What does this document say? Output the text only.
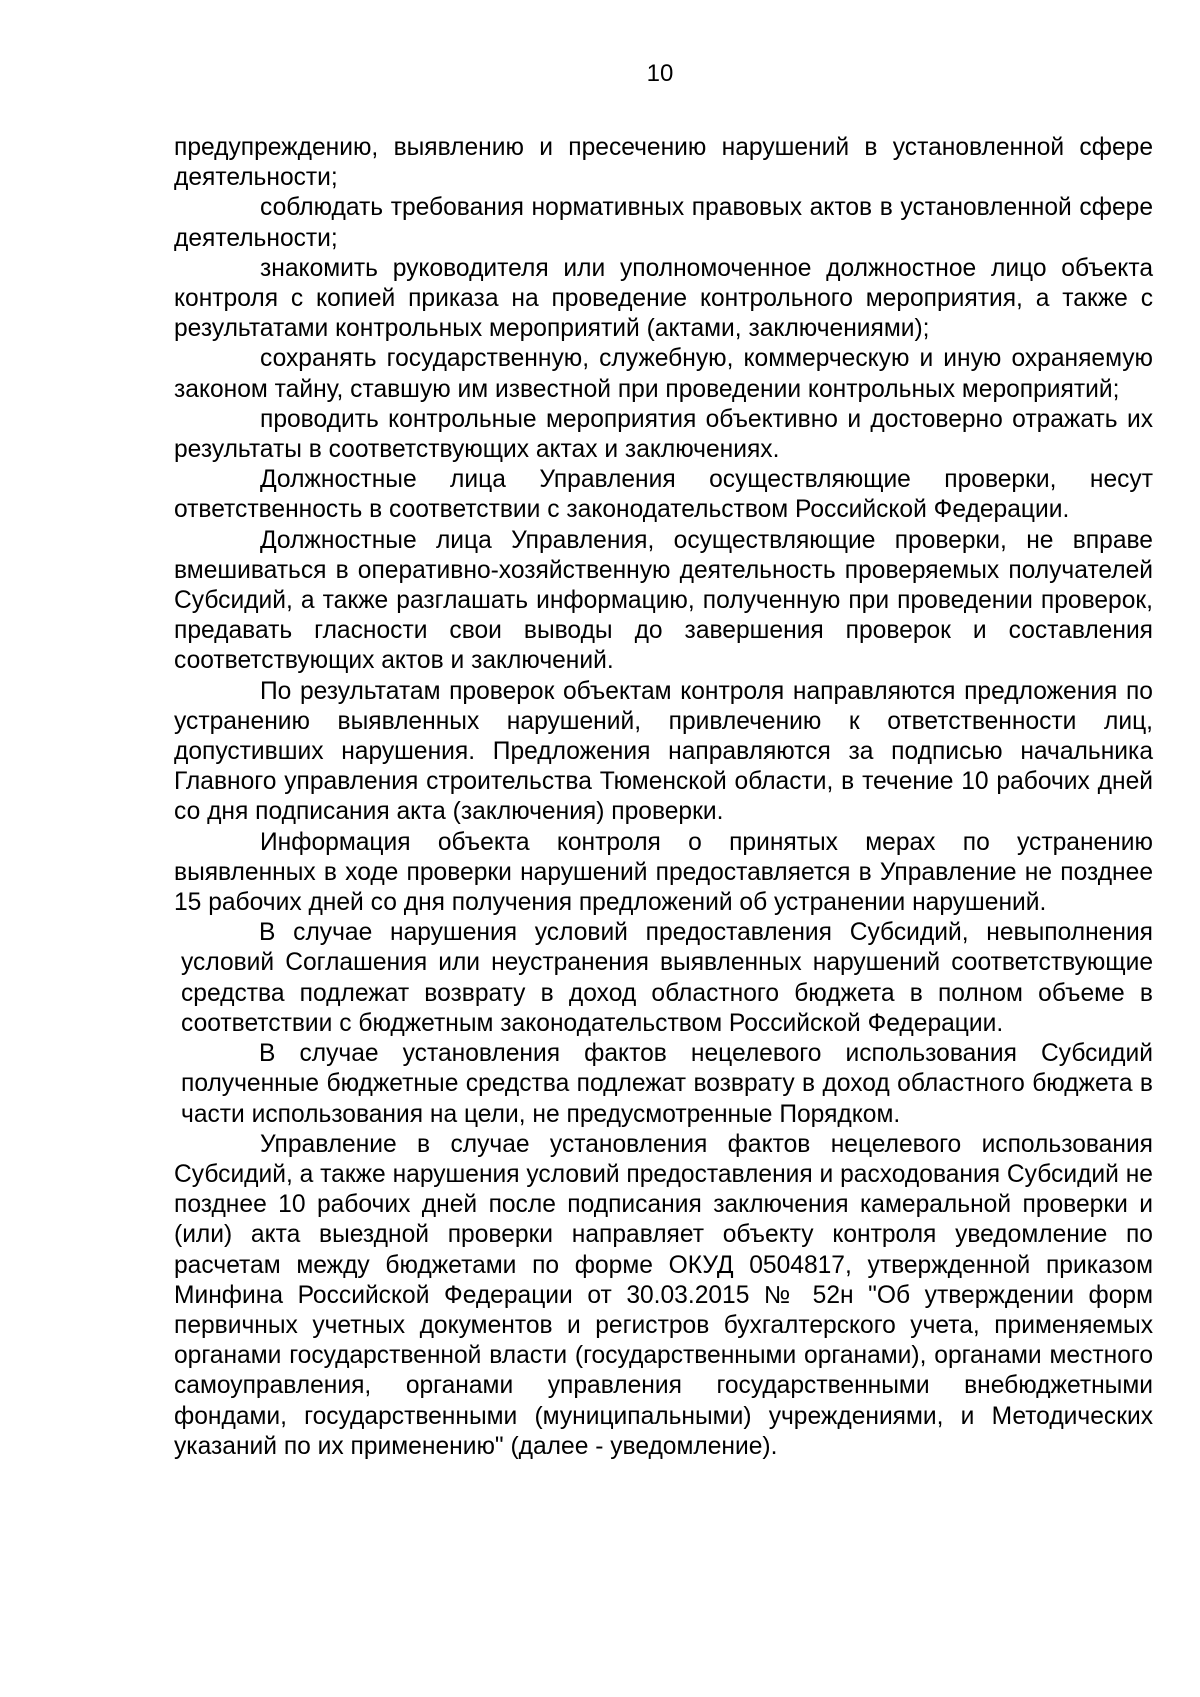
10

предупреждению, выявлению и пресечению нарушений в установленной сфере деятельности;

соблюдать требования нормативных правовых актов в установленной сфере деятельности;

знакомить руководителя или уполномоченное должностное лицо объекта контроля с копией приказа на проведение контрольного мероприятия, а также с результатами контрольных мероприятий (актами, заключениями);

сохранять государственную, служебную, коммерческую и иную охраняемую законом тайну, ставшую им известной при проведении контрольных мероприятий;

проводить контрольные мероприятия объективно и достоверно отражать их результаты в соответствующих актах и заключениях.

Должностные лица Управления осуществляющие проверки, несут ответственность в соответствии с законодательством Российской Федерации.

Должностные лица Управления, осуществляющие проверки, не вправе вмешиваться в оперативно-хозяйственную деятельность проверяемых получателей Субсидий, а также разглашать информацию, полученную при проведении проверок, предавать гласности свои выводы до завершения проверок и составления соответствующих актов и заключений.

По результатам проверок объектам контроля направляются предложения по устранению выявленных нарушений, привлечению к ответственности лиц, допустивших нарушения. Предложения направляются за подписью начальника Главного управления строительства Тюменской области, в течение 10 рабочих дней со дня подписания акта (заключения) проверки.

Информация объекта контроля о принятых мерах по устранению выявленных в ходе проверки нарушений предоставляется в Управление не позднее 15 рабочих дней со дня получения предложений об устранении нарушений.

В случае нарушения условий предоставления Субсидий, невыполнения условий Соглашения или неустранения выявленных нарушений соответствующие средства подлежат возврату в доход областного бюджета в полном объеме в соответствии с бюджетным законодательством Российской Федерации.

В случае установления фактов нецелевого использования Субсидий полученные бюджетные средства подлежат возврату в доход областного бюджета в части использования на цели, не предусмотренные Порядком.

Управление в случае установления фактов нецелевого использования Субсидий, а также нарушения условий предоставления и расходования Субсидий не позднее 10 рабочих дней после подписания заключения камеральной проверки и (или) акта выездной проверки направляет объекту контроля уведомление по расчетам между бюджетами по форме ОКУД 0504817, утвержденной приказом Минфина Российской Федерации от 30.03.2015 № 52н "Об утверждении форм первичных учетных документов и регистров бухгалтерского учета, применяемых органами государственной власти (государственными органами), органами местного самоуправления, органами управления государственными внебюджетными фондами, государственными (муниципальными) учреждениями, и Методических указаний по их применению" (далее - уведомление).
